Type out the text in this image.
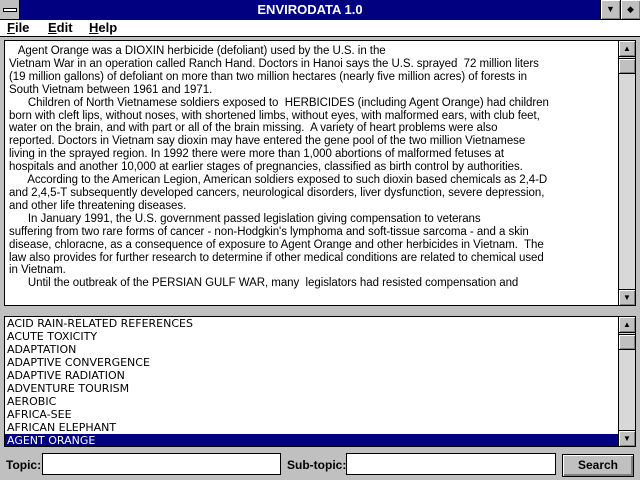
ENVIRODATA 1.0	▼	◆
File Edit Help

Agent Orange was a DIOXIN herbicide (defoliant) used by the U.S. in the

Vietnam War in an operation called Ranch Hand. Doctors in Hanoi says the U.S. sprayed  72 million liters

(19 million gallons) of defoliant on more than two million hectares (nearly five million acres) of forests in

South Vietnam between 1961 and 1971.

Children of North Vietnamese soldiers exposed to  HERBICIDES (including Agent Orange) had children

born with cleft lips, without noses, with shortened limbs, without eyes, with malformed ears, with club feet,

water on the brain, and with part or all of the brain missing.  A variety of heart problems were also

reported. Doctors in Vietnam say dioxin may have entered the gene pool of the two million Vietnamese

living in the sprayed region. In 1992 there were more than 1,000 abortions of malformed fetuses at

hospitals and another 10,000 at earlier stages of pregnancies, classified as birth control by authorities.

According to the American Legion, American soldiers exposed to such dioxin based chemicals as 2,4-D

and 2,4,5-T subsequently developed cancers, neurological disorders, liver dysfunction, severe depression,

and other life threatening diseases.

In January 1991, the U.S. government passed legislation giving compensation to veterans

suffering from two rare forms of cancer - non-Hodgkin's lymphoma and soft-tissue sarcoma - and a skin

disease, chloracne, as a consequence of exposure to Agent Orange and other herbicides in Vietnam.  The

law also provides for further research to determine if other medical conditions are related to chemical used

in Vietnam.

Until the outbreak of the PERSIAN GULF WAR, many  legislators had resisted compensation and

▲
▼
ACID RAIN-RELATED REFERENCES
ACUTE TOXICITY
ADAPTATION
ADAPTIVE CONVERGENCE
ADAPTIVE RADIATION
ADVENTURE TOURISM
AEROBIC
AFRICA-SEE
AFRICAN ELEPHANT
AGENT ORANGE
▲
▼
Topic:	Sub-topic:	Search
